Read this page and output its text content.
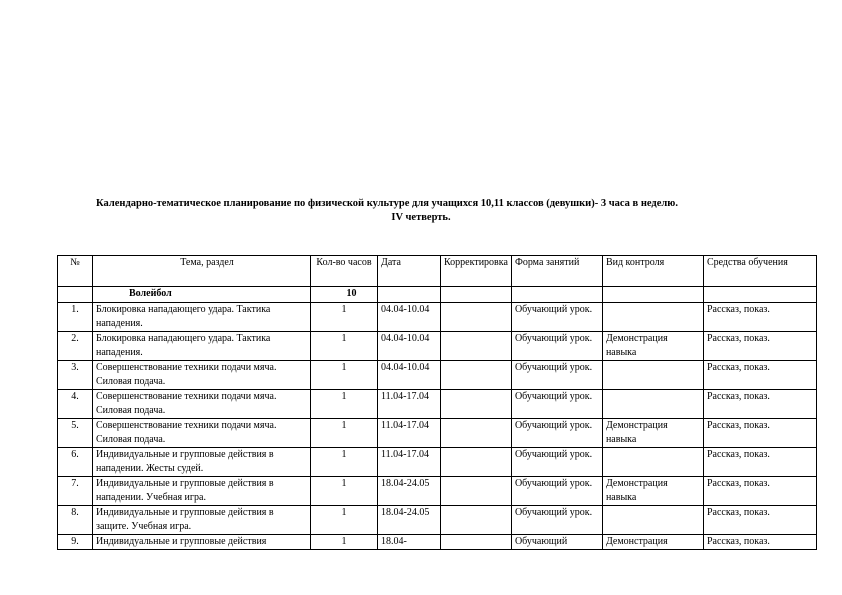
Календарно-тематическое планирование по физической культуре для учащихся 10,11 классов (девушки)- 3 часа в неделю.
IV четверть.
№	Тема, раздел	Кол-во часов	Дата	Корректировка	Форма занятий	Вид контроля	Средства обучения
	Волейбол	10					
1.	Блокировка нападающего удара. Тактика нападения.	1	04.04-10.04		Обучающий урок.		Рассказ, показ.
2.	Блокировка нападающего удара. Тактика нападения.	1	04.04-10.04		Обучающий урок.	Демонстрация навыка	Рассказ, показ.
3.	Совершенствование техники подачи мяча. Силовая подача.	1	04.04-10.04		Обучающий урок.		Рассказ, показ.
4.	Совершенствование техники подачи мяча. Силовая подача.	1	11.04-17.04		Обучающий урок.		Рассказ, показ.
5.	Совершенствование техники подачи мяча. Силовая подача.	1	11.04-17.04		Обучающий урок.	Демонстрация навыка	Рассказ, показ.
6.	Индивидуальные и групповые действия в нападении. Жесты судей.	1	11.04-17.04		Обучающий урок.		Рассказ, показ.
7.	Индивидуальные и групповые действия в нападении. Учебная игра.	1	18.04-24.05		Обучающий урок.	Демонстрация навыка	Рассказ, показ.
8.	Индивидуальные и групповые действия в защите. Учебная игра.	1	18.04-24.05		Обучающий урок.		Рассказ, показ.
9.	Индивидуальные и групповые действия	1	18.04-		Обучающий	Демонстрация	Рассказ, показ.
